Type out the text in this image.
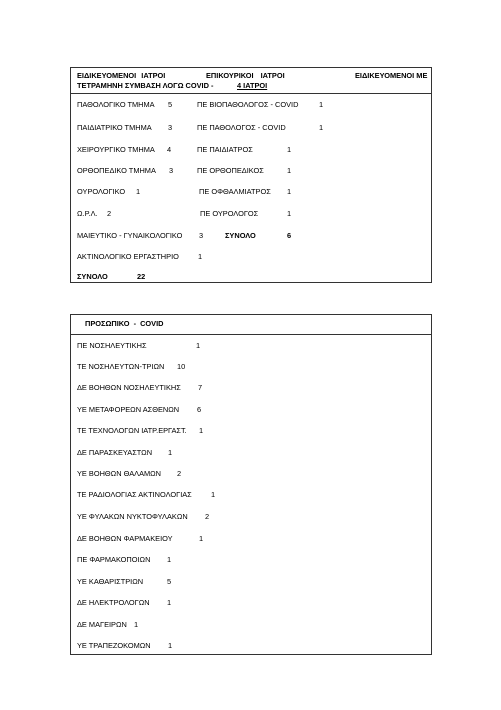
ΕΙΔΙΚΕΥΟΜΕΝΟΙ ΙΑΤΡΟΙ	ΕΠΙΚΟΥΡΙΚΟΙ ΙΑΤΡΟΙ	ΕΙΔΙΚΕΥΟΜΕΝΟΙ ΜΕ
ΤΕΤΡΑΜΗΝΗ ΣΥΜΒΑΣΗ ΛΟΓΩ COVID -	4 ΙΑΤΡΟΙ
ΠΑΘΟΛΟΓΙΚΟ ΤΜΗΜΑ 5	ΠΕ ΒΙΟΠΑΘΟΛΟΓΟΣ - COVID	1
ΠΑΙΔΙΑΤΡΙΚΟ ΤΜΗΜΑ 3	ΠΕ ΠΑΘΟΛΟΓΟΣ - COVID	1
ΧΕΙΡΟΥΡΓΙΚΟ ΤΜΗΜΑ 4	ΠΕ ΠΑΙΔΙΑΤΡΟΣ	1
ΟΡΘΟΠΕΔΙΚΟ ΤΜΗΜΑ 3	ΠΕ ΟΡΘΟΠΕΔΙΚΟΣ	1
ΟΥΡΟΛΟΓΙΚΟ 1	ΠΕ ΟΦΘΑΛΜΙΑΤΡΟΣ 1
Ω.Ρ.Λ. 2	ΠΕ ΟΥΡΟΛΟΓΟΣ	1
ΜΑΙΕΥΤΙΚΟ - ΓΥΝΑΙΚΟΛΟΓΙΚΟ 3	ΣΥΝΟΛΟ	6
ΑΚΤΙΝΟΛΟΓΙΚΟ ΕΡΓΑΣΤΗΡΙΟ	1
ΣΥΝΟΛΟ	22
ΠΡΟΣΩΠΙΚΟ - COVID
ΠΕ ΝΟΣΗΛΕΥΤΙΚΗΣ	1
ΤΕ ΝΟΣΗΛΕΥΤΩΝ-ΤΡΙΩΝ 10
ΔΕ ΒΟΗΘΩΝ ΝΟΣΗΛΕΥΤΙΚΗΣ 7
ΥΕ ΜΕΤΑΦΟΡΕΩΝ ΑΣΘΕΝΩΝ 6
ΤΕ ΤΕΧΝΟΛΟΓΩΝ ΙΑΤΡ.ΕΡΓΑΣΤ. 1
ΔΕ ΠΑΡΑΣΚΕΥΑΣΤΩΝ 1
ΥΕ ΒΟΗΘΩΝ ΘΑΛΑΜΩΝ 2
ΤΕ ΡΑΔΙΟΛΟΓΙΑΣ ΑΚΤΙΝΟΛΟΓΙΑΣ	1
ΥΕ ΦΥΛΑΚΩΝ ΝΥΚΤΟΦΥΛΑΚΩΝ 2
ΔΕ ΒΟΗΘΩΝ ΦΑΡΜΑΚΕΙΟΥ	1
ΠΕ ΦΑΡΜΑΚΟΠΟΙΩΝ 1
ΥΕ ΚΑΘΑΡΙΣΤΡΙΩΝ	5
ΔΕ ΗΛΕΚΤΡΟΛΟΓΩΝ 1
ΔΕ ΜΑΓΕΙΡΩΝ 1
ΥΕ ΤΡΑΠΕΖΟΚΟΜΩΝ 1
